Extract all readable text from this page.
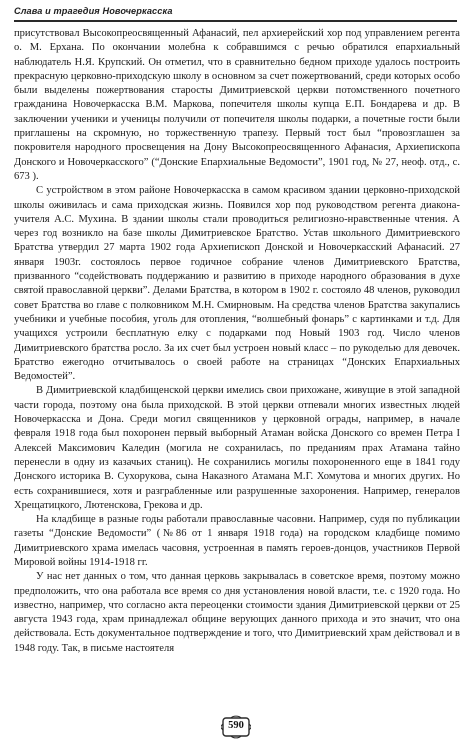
Слава и трагедия Новочеркасска

присутствовал Высокопреосвященный Афанасий, пел архиерейский хор под управлением регента о. М. Ерхана. По окончании молебна к собравшимся с речью обратился епархиальный наблюдатель Н.Я. Крупский. Он отметил, что в сравнительно бедном приходе удалось построить прекрасную церковно-приходскую школу в основном за счет пожертвований, среди которых особо были выделены пожертвования старосты Димитриевской церкви потомственного почетного гражданина Новочеркасска В.М. Маркова, попечителя школы купца Е.П. Бондарева и др. В заключении ученики и ученицы получили от попечителя школы подарки, а почетные гости были приглашены на скромную, но торжественную трапезу. Первый тост был “провозглашен за покровителя народного просвещения на Дону Высокопреосвященного Афанасия, Архиепископа Донского и Новочеркасского” (“Донские Епархиальные Ведомости”, 1901 год, № 27, неоф. отд., с. 673 ).

С устройством в этом районе Новочеркасска в самом красивом здании церковно-приходской школы оживилась и сама приходская жизнь. Появился хор под руководством регента диакона-учителя А.С. Мухина. В здании школы стали проводиться религиозно-нравственные чтения. А через год возникло на базе школы Димитриевское Братство. Устав школьного Димитриевского Братства утвердил 27 марта 1902 года Архиепископ Донской и Новочеркасский Афанасий. 27 января 1903г. состоялось первое годичное собрание членов Димитриевского Братства, призванного “содействовать поддержанию и развитию в приходе народного образования в духе святой православной церкви”. Делами Братства, в котором в 1902 г. состояло 48 членов, руководил совет Братства во главе с полковником М.Н. Смирновым. На средства членов Братства закупались учебники и учебные пособия, уголь для отопления, “волшебный фонарь” с картинками и т.д. Для учащихся устроили бесплатную елку с подарками под Новый 1903 год. Число членов Димитриевского братства росло. За их счет был устроен новый класс – по рукоделью для девочек. Братство ежегодно отчитывалось о своей работе на страницах “Донских Епархиальных Ведомостей”.

В Димитриевской кладбищенской церкви имелись свои прихожане, живущие в этой западной части города, поэтому она была приходской. В этой церкви отпевали многих известных людей Новочеркасска и Дона. Среди могил священников у церковной ограды, например, в начале февраля 1918 года был похоронен первый выборный Атаман войска Донского со времен Петра I Алексей Максимович Каледин (могила не сохранилась, по преданиям прах Атамана тайно перенесли в одну из казачьих станиц). Не сохранились могилы похороненного еще в 1841 году Донского историка В. Сухорукова, сына Наказного Атамана М.Г. Хомутова и многих других. Но есть сохранившиеся, хотя и разграбленные или разрушенные захоронения. Например, генералов Хрещатицкого, Лютенскова, Грекова и др.

На кладбище в разные годы работали православные часовни. Например, судя по публикации газеты “Донские Ведомости” (№86 от 1 января 1918 года) на городском кладбище помимо Димитриевского храма имелась часовня, устроенная в память героев-донцов, участников Первой Мировой войны 1914-1918 гг.

У нас нет данных о том, что данная церковь закрывалась в советское время, поэтому можно предположить, что она работала все время со дня установления новой власти, т.е. с 1920 года. Но известно, например, что согласно акта переоценки стоимости здания Димитриевской церкви от 25 августа 1943 года, храм принадлежал общине верующих данного прихода и это значит, что она действовала. Есть документальное подтверждение и того, что Димитриевский храм действовал и в 1948 году. Так, в письме настоятеля

590
